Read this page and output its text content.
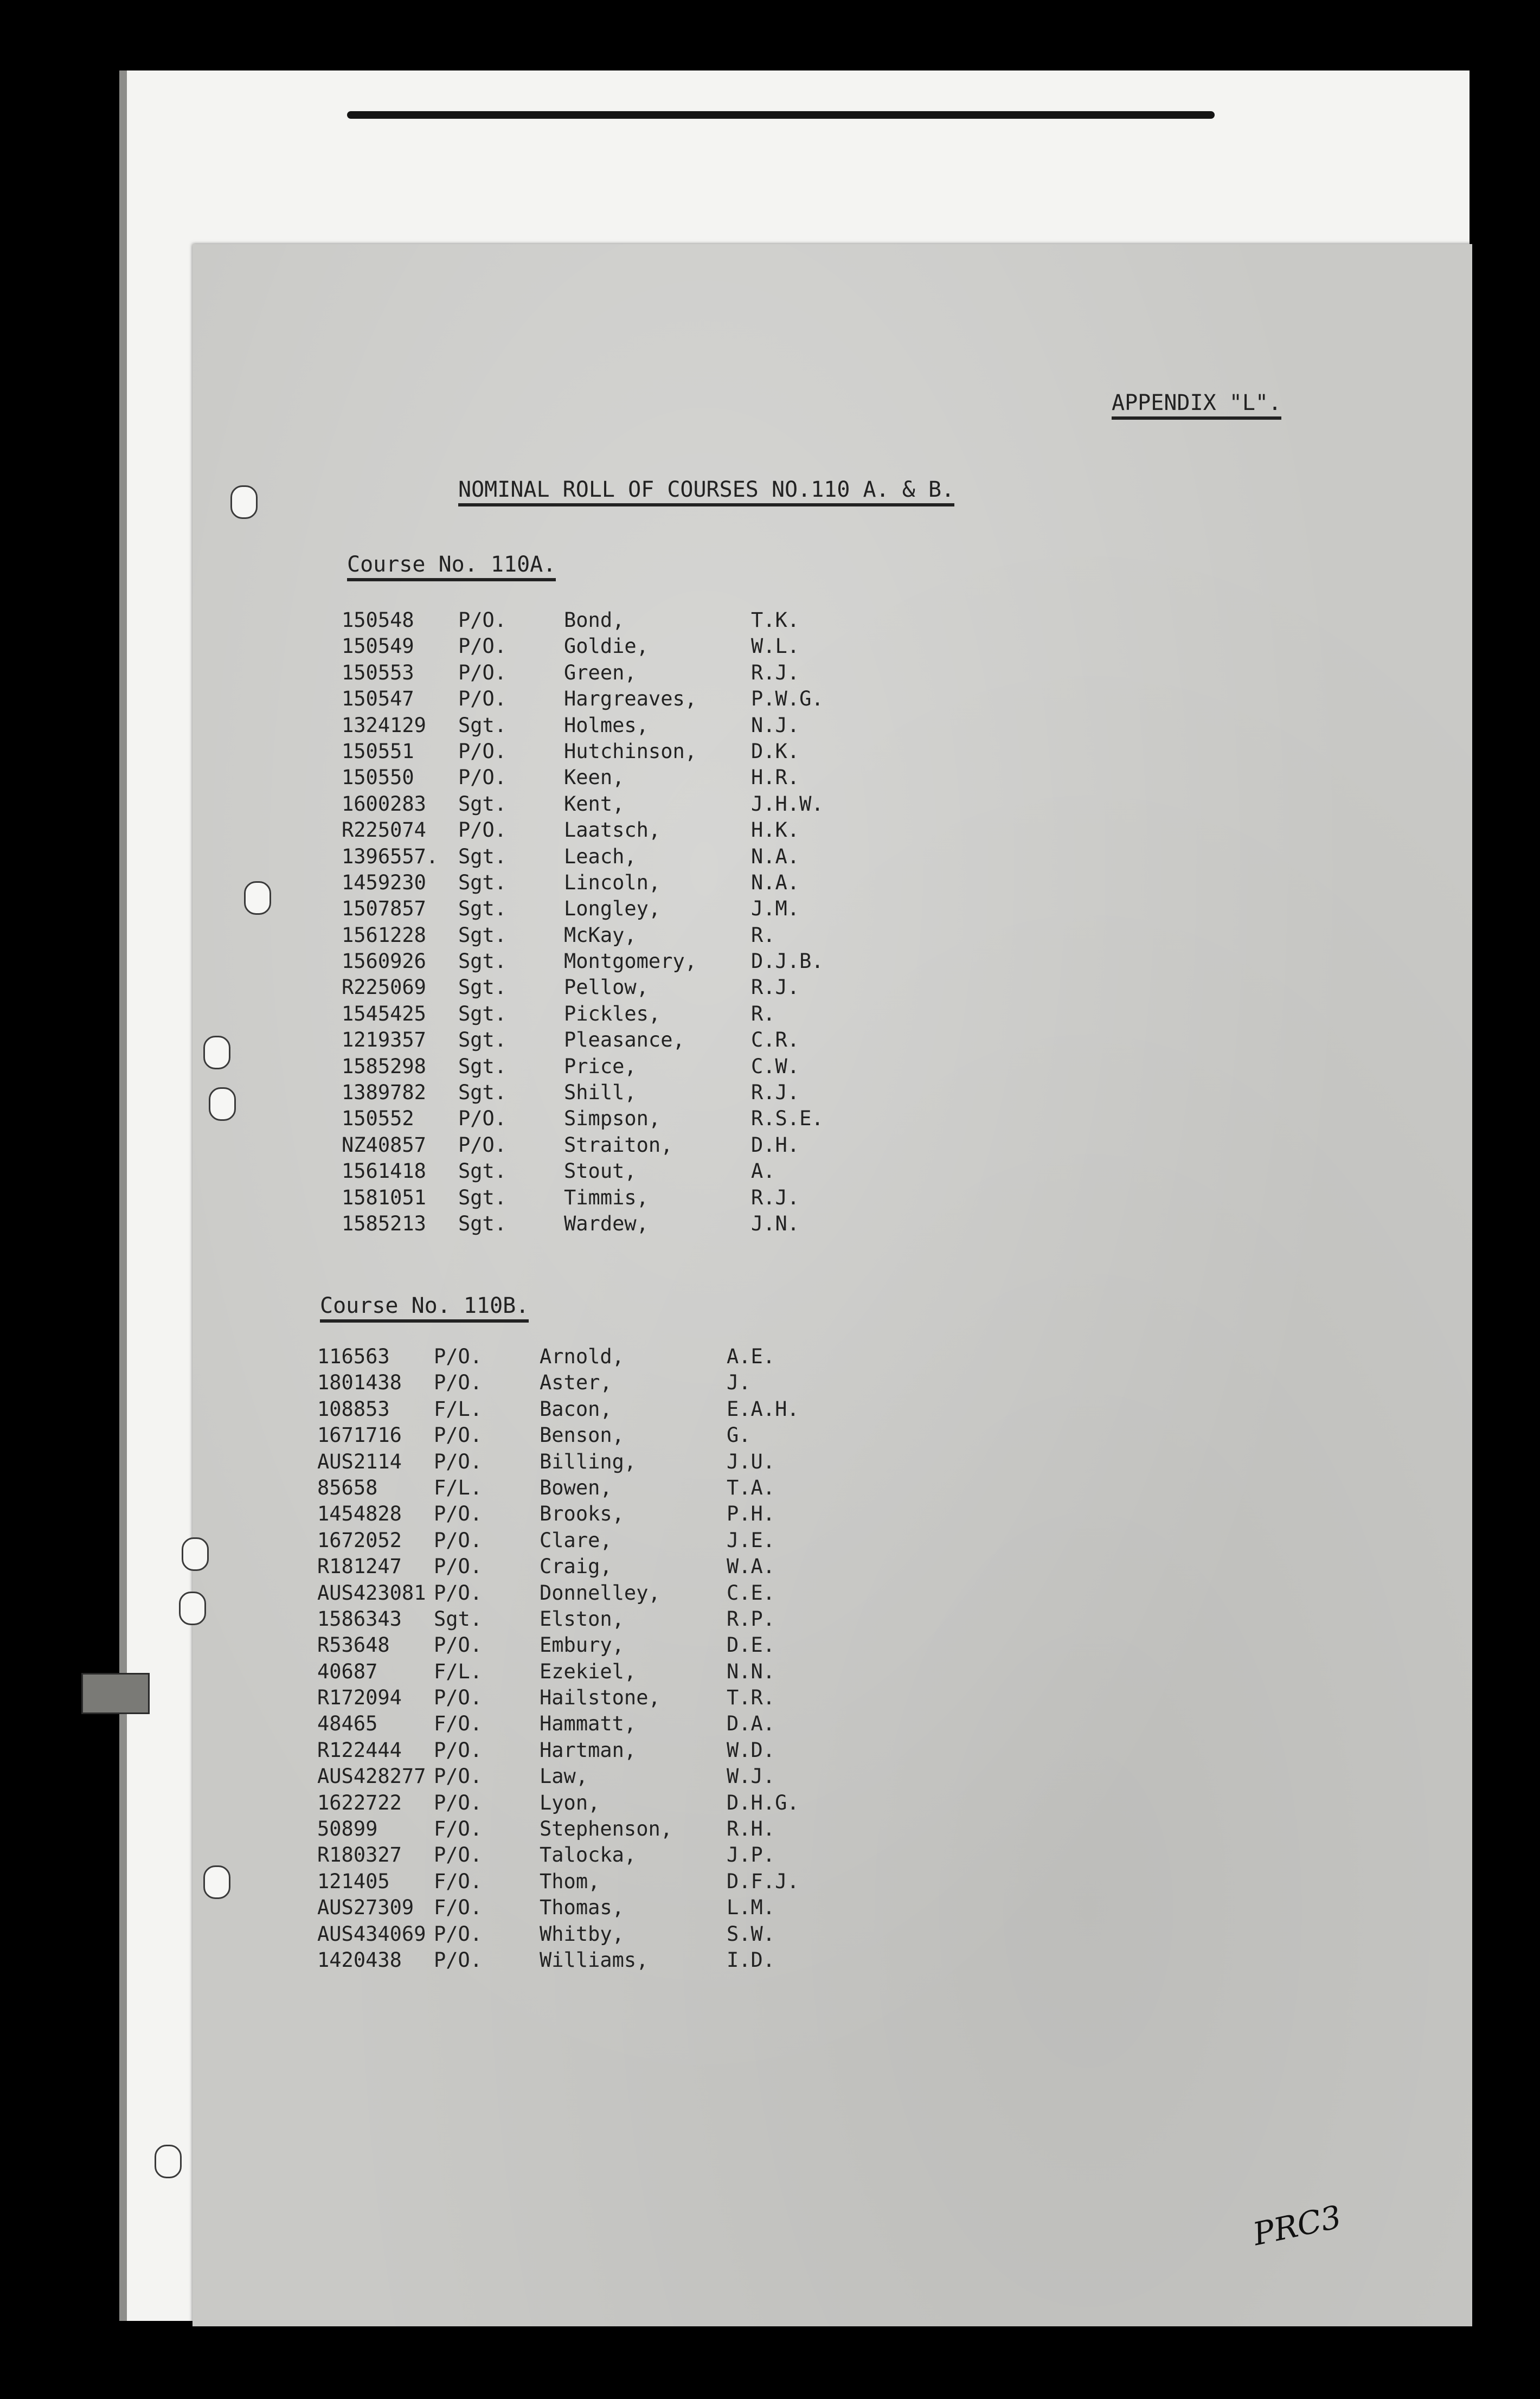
APPENDIX "L".
NOMINAL ROLL OF COURSES NO.110 A. & B.
Course No. 110A.
150548 P/O.	Bond,	T.K.
150549 P/O.	Goldie,	W.L.
150553 P/O.	Green,	R.J.
150547 P/O.	Hargreaves,	P.W.G.
1324129 Sgt.	Holmes,	N.J.
150551 P/O.	Hutchinson,	D.K.
150550 P/O.	Keen,	H.R.
1600283 Sgt.	Kent,	J.H.W.
R225074 P/O.	Laatsch,	H.K.
1396557. Sgt.	Leach,	N.A.
1459230 Sgt.	Lincoln,	N.A.
1507857 Sgt.	Longley,	J.M.
1561228 Sgt.	McKay,	R.
1560926 Sgt.	Montgomery,	D.J.B.
R225069 Sgt.	Pellow,	R.J.
1545425 Sgt.	Pickles,	R.
1219357 Sgt.	Pleasance,	C.R.
1585298 Sgt.	Price,	C.W.
1389782 Sgt.	Shill,	R.J.
150552 P/O.	Simpson,	R.S.E.
NZ40857 P/O.	Straiton,	D.H.
1561418 Sgt.	Stout,	A.
1581051 Sgt.	Timmis,	R.J.
1585213 Sgt.	Wardew,	J.N.
Course No. 110B.
116563 P/O.	Arnold,	A.E.
1801438 P/O.	Aster,	J.
108853 F/L.	Bacon,	E.A.H.
1671716 P/O.	Benson,	G.
AUS2114 P/O.	Billing,	J.U.
85658	F/L.	Bowen,	T.A.
1454828 P/O.	Brooks,	P.H.
1672052 P/O.	Clare,	J.E.
R181247 P/O.	Craig,	W.A.
AUS423081 P/O.	Donnelley,	C.E.
1586343 Sgt.	Elston,	R.P.
R53648 P/O.	Embury,	D.E.
40687	F/L.	Ezekiel,	N.N.
R172094 P/O.	Hailstone,	T.R.
48465	F/O.	Hammatt,	D.A.
R122444 P/O.	Hartman,	W.D.
AUS428277 P/O.	Law,	W.J.
1622722 P/O.	Lyon,	D.H.G.
50899	F/O.	Stephenson,	R.H.
R180327 P/O.	Talocka,	J.P.
121405 F/O.	Thom,	D.F.J.
AUS27309 F/O.	Thomas,	L.M.
AUS434069 P/O.	Whitby,	S.W.
1420438 P/O.	Williams,	I.D.
PRC3
